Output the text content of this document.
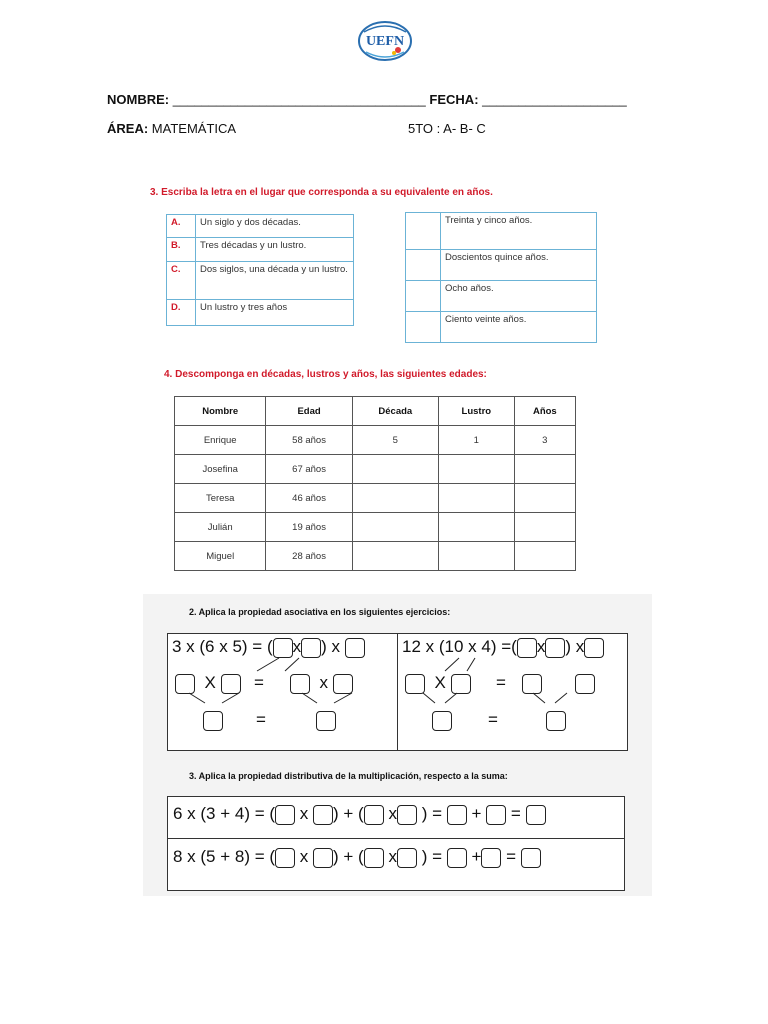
UEFN
NOMBRE: ___________________________________ FECHA: ____________________
ÁREA: MATEMÁTICA	5TO : A- B- C
3. Escriba la letra en el lugar que corresponda a su equivalente en años.
A.	Un siglo y dos décadas.
B.	Tres décadas y un lustro.
C.	Dos siglos, una década y un lustro.
D.	Un lustro y tres años
	Treinta y cinco años.
	Doscientos quince años.
	Ocho años.
	Ciento veinte años.
4. Descomponga en décadas, lustros y años, las siguientes edades:
Nombre	Edad	Década	Lustro	Años
Enrique	58 años	5	1	3
Josefina	67 años			
Teresa	46 años			
Julián	19 años			
Miguel	28 años			
2. Aplica la propiedad asociativa en los siguientes ejercicios:
3 x (6 x 5) = ( x ) x
X	=	x
=
12 x (10 x 4) =( x ) x
X	=

=
3. Aplica la propiedad distributiva de la multiplicación, respecto a la suma:
6 x (3 + 4) = ( x ) + ( x ) = + =
8 x (5 + 8) = ( x ) + ( x ) = + =
